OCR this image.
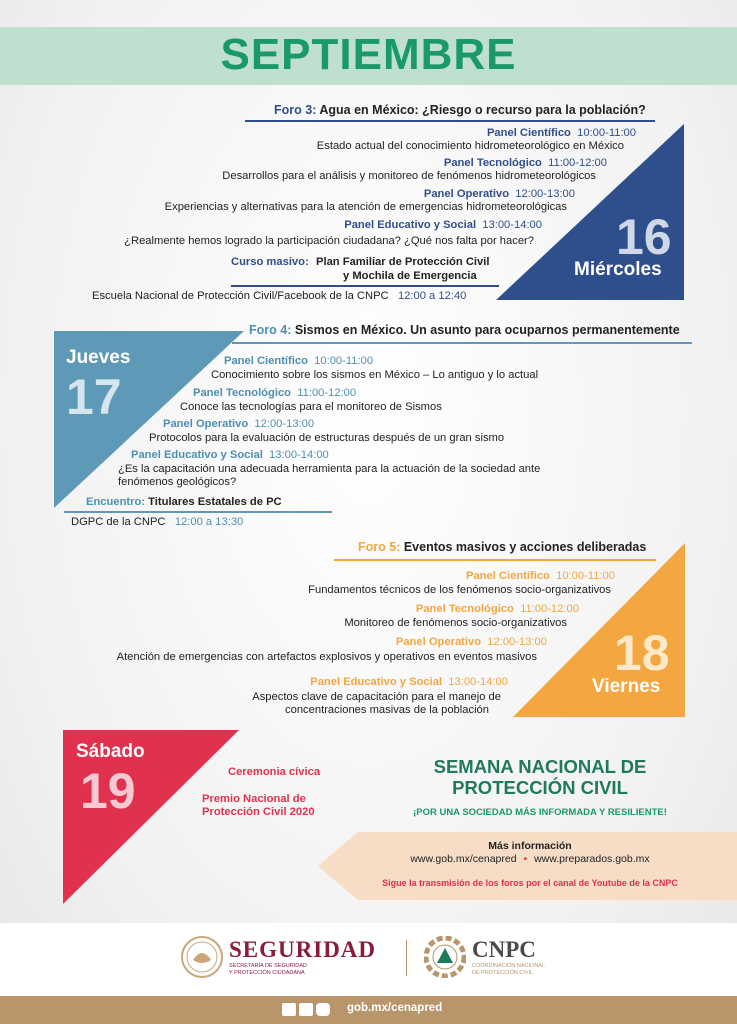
SEPTIEMBRE
16
Miércoles
Foro 3: Agua en México: ¿Riesgo o recurso para la población?
Panel Científico 10:00-11:00
Estado actual del conocimiento hidrometeorológico en México
Panel Tecnológico 11:00-12:00
Desarrollos para el análisis y monitoreo de fenómenos hidrometeorológicos
Panel Operativo 12:00-13:00
Experiencias y alternativas para la atención de emergencias hidrometeorológicas
Panel Educativo y Social 13:00-14:00
¿Realmente hemos logrado la participación ciudadana? ¿Qué nos falta por hacer?
Curso masivo: Plan Familiar de Protección Civil
y Mochila de Emergencia
Escuela Nacional de Protección Civil/Facebook de la CNPC 12:00 a 12:40
Jueves
17
Foro 4: Sismos en México. Un asunto para ocuparnos permanentemente
Panel Científico 10:00-11:00
Conocimiento sobre los sismos en México – Lo antiguo y lo actual
Panel Tecnológico 11:00-12:00
Conoce las tecnologías para el monitoreo de Sismos
Panel Operativo 12:00-13:00
Protocolos para la evaluación de estructuras después de un gran sismo
Panel Educativo y Social 13:00-14:00
¿Es la capacitación una adecuada herramienta para la actuación de la sociedad ante
fenómenos geológicos?
Encuentro: Titulares Estatales de PC
DGPC de la CNPC 12:00 a 13:30
18
Viernes
Foro 5: Eventos masivos y acciones deliberadas
Panel Científico 10:00-11:00
Fundamentos técnicos de los fenómenos socio-organizativos
Panel Tecnológico 11:00-12:00
Monitoreo de fenómenos socio-organizativos
Panel Operativo 12:00-13:00
Atención de emergencias con artefactos explosivos y operativos en eventos masivos
Panel Educativo y Social 13:00-14:00
Aspectos clave de capacitación para el manejo de
concentraciones masivas de la población
Sábado
19	Ceremonia cívica
Premio Nacional de
Protección Civil 2020
SEMANA NACIONAL DE
PROTECCIÓN CIVIL
¡POR UNA SOCIEDAD MÁS INFORMADA Y RESILIENTE!
Más información
www.gob.mx/cenapred • www.preparados.gob.mx
Sigue la transmisión de los foros por el canal de Youtube de la CNPC
SEGURIDAD
SECRETARÍA DE SEGURIDAD
Y PROTECCIÓN CIUDADANA
CNPC
COORDINACIÓN NACIONAL
DE PROTECCIÓN CIVIL
gob.mx/cenapred
